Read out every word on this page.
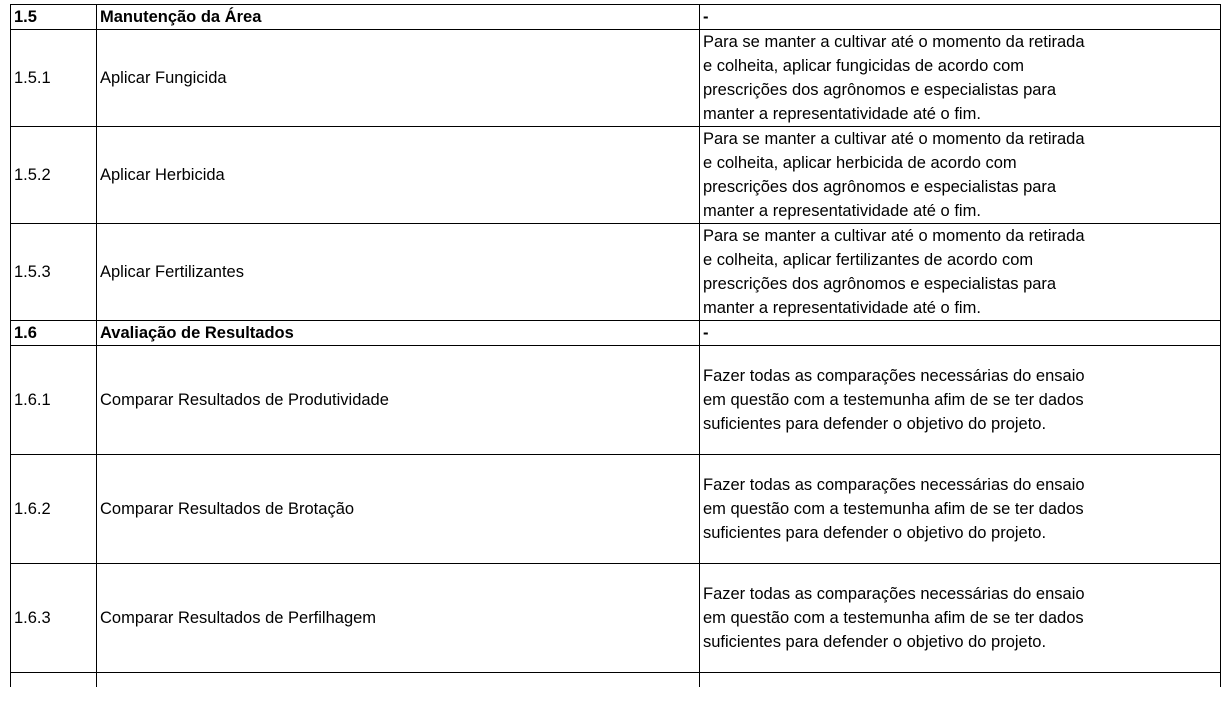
1.5	Manutenção da Área	-
1.5.1	Aplicar Fungicida	Para se manter a cultivar até o momento da retirada
e colheita, aplicar fungicidas de acordo com
prescrições dos agrônomos e especialistas para
manter a representatividade até o fim.

1.5.2	Aplicar Herbicida	Para se manter a cultivar até o momento da retirada
e colheita, aplicar herbicida de acordo com
prescrições dos agrônomos e especialistas para
manter a representatividade até o fim.

1.5.3	Aplicar Fertilizantes	Para se manter a cultivar até o momento da retirada
e colheita, aplicar fertilizantes de acordo com
prescrições dos agrônomos e especialistas para
manter a representatividade até o fim.

1.6	Avaliação de Resultados	-
1.6.1	Comparar Resultados de Produtividade	Fazer todas as comparações necessárias do ensaio
em questão com a testemunha afim de se ter dados
suficientes para defender o objetivo do projeto.

1.6.2	Comparar Resultados de Brotação	Fazer todas as comparações necessárias do ensaio
em questão com a testemunha afim de se ter dados
suficientes para defender o objetivo do projeto.

1.6.3	Comparar Resultados de Perfilhagem	Fazer todas as comparações necessárias do ensaio
em questão com a testemunha afim de se ter dados
suficientes para defender o objetivo do projeto.
